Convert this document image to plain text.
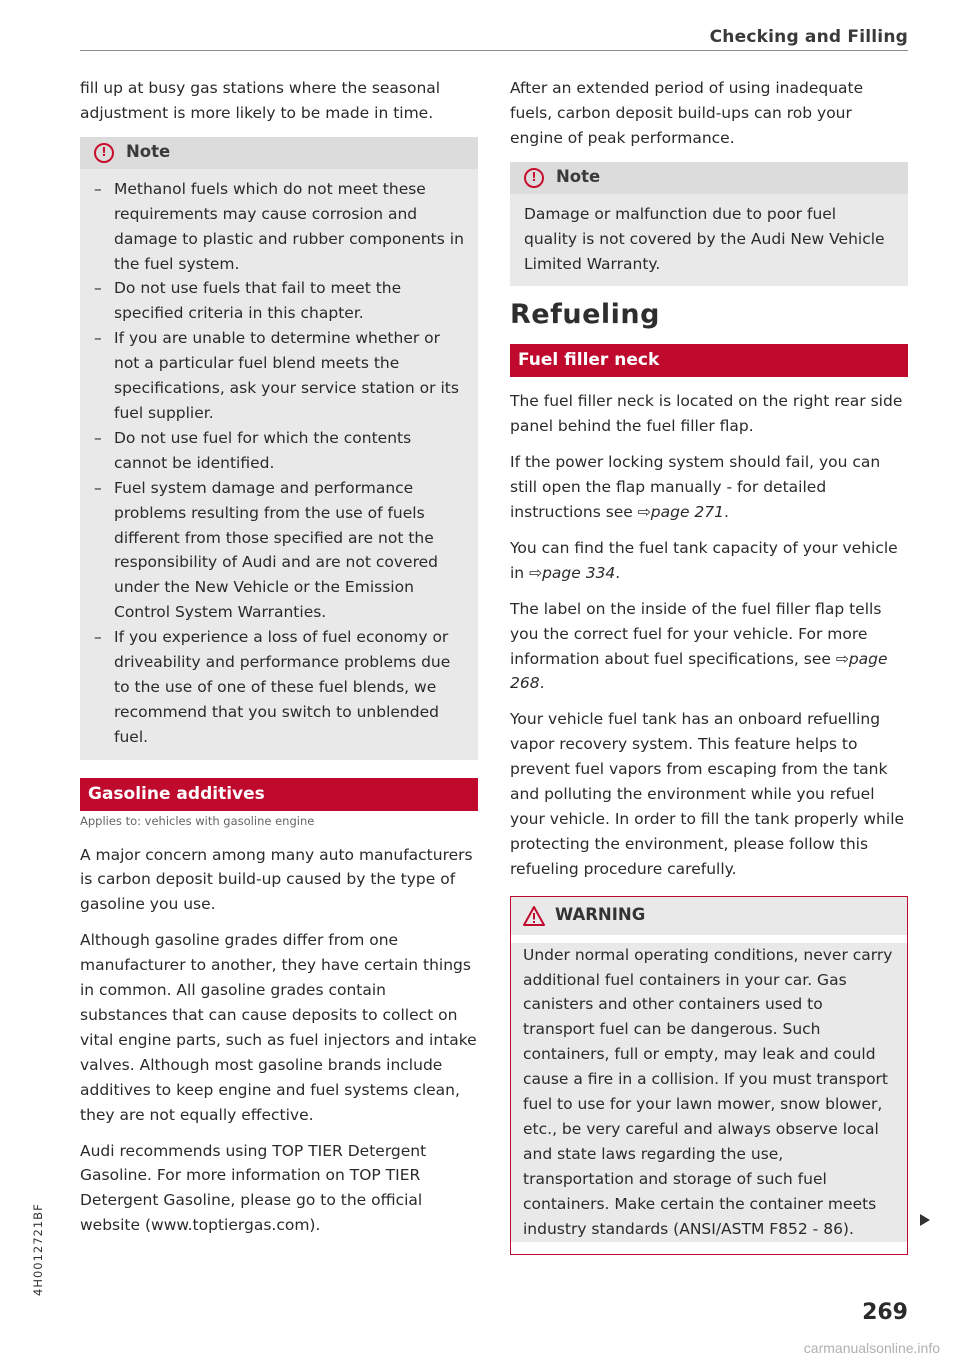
Checking and Filling

fill up at busy gas stations where the seasonal adjustment is more likely to be made in time.

!	Note
– Methanol fuels which do not meet these requirements may cause corrosion and damage to plastic and rubber components in the fuel system.
– Do not use fuels that fail to meet the specified criteria in this chapter.
– If you are unable to determine whether or not a particular fuel blend meets the specifications, ask your service station or its fuel supplier.
– Do not use fuel for which the contents cannot be identified.
– Fuel system damage and performance problems resulting from the use of fuels different from those specified are not the responsibility of Audi and are not covered under the New Vehicle or the Emission Control System Warranties.
– If you experience a loss of fuel economy or driveability and performance problems due to the use of one of these fuel blends, we recommend that you switch to unblended fuel.
Gasoline additives
Applies to: vehicles with gasoline engine

A major concern among many auto manufacturers is carbon deposit build-up caused by the type of gasoline you use.

Although gasoline grades differ from one manufacturer to another, they have certain things in common. All gasoline grades contain substances that can cause deposits to collect on vital engine parts, such as fuel injectors and intake valves. Although most gasoline brands include additives to keep engine and fuel systems clean, they are not equally effective.

Audi recommends using TOP TIER Detergent Gasoline. For more information on TOP TIER Detergent Gasoline, please go to the official website (www.toptiergas.com).

After an extended period of using inadequate fuels, carbon deposit build-ups can rob your engine of peak performance.

!	Note

Damage or malfunction due to poor fuel quality is not covered by the Audi New Vehicle Limited Warranty.

Refueling
Fuel filler neck

The fuel filler neck is located on the right rear side panel behind the fuel filler flap.

If the power locking system should fail, you can still open the flap manually - for detailed instructions see ⇨page 271.

You can find the fuel tank capacity of your vehicle in ⇨page 334.

The label on the inside of the fuel filler flap tells you the correct fuel for your vehicle. For more information about fuel specifications, see ⇨page 268.

Your vehicle fuel tank has an onboard refuelling vapor recovery system. This feature helps to prevent fuel vapors from escaping from the tank and polluting the environment while you refuel your vehicle. In order to fill the tank properly while protecting the environment, please follow this refueling procedure carefully.

WARNING
Under normal operating conditions, never carry additional fuel containers in your car. Gas canisters and other containers used to transport fuel can be dangerous. Such containers, full or empty, may leak and could cause a fire in a collision. If you must transport fuel to use for your lawn mower, snow blower, etc., be very careful and always observe local and state laws regarding the use, transportation and storage of such fuel containers. Make certain the container meets industry standards (ANSI/ASTM F852 - 86).
4H0012721BF
269
carmanualsonline.info
